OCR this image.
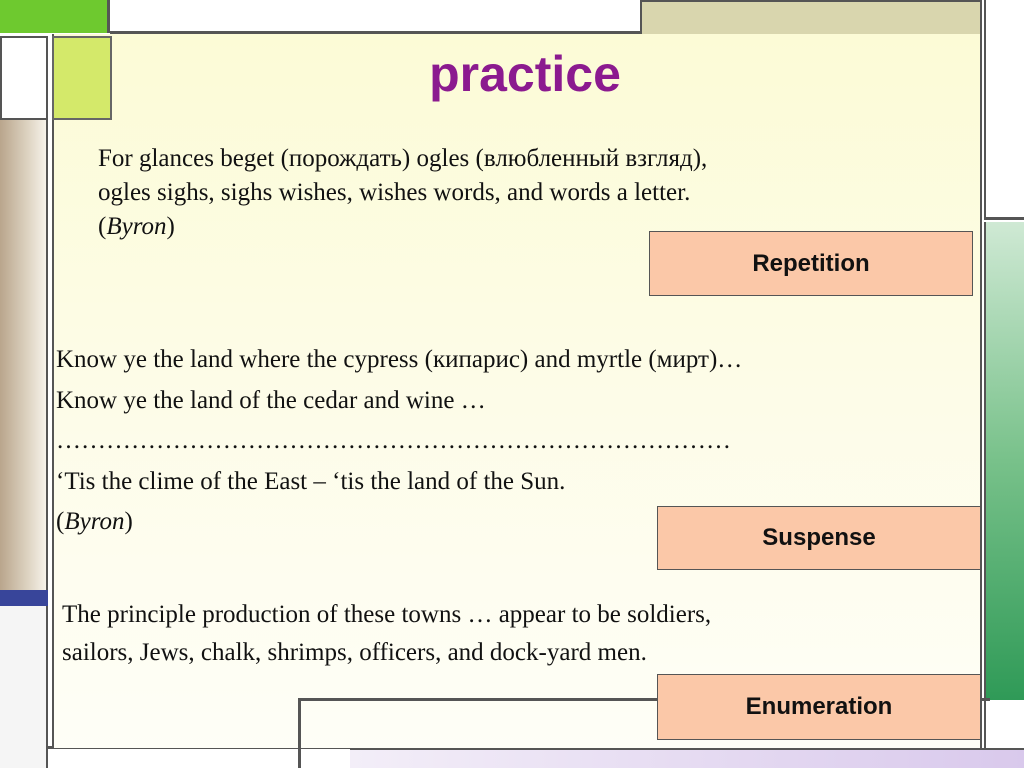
practice
For glances beget (порождать) ogles (влюбленный взгляд),
ogles sighs, sighs wishes, wishes words, and words a letter.
(Byron)
Repetition
Know ye the land where the cypress (кипарис) and myrtle (мирт)…
Know ye the land of the cedar and wine …
………………………………………………………………………
‘Tis the clime of the East – ‘tis the land of the Sun.
(Byron)
Suspense
The principle production of these towns … appear to be soldiers,
sailors, Jews, chalk, shrimps, officers, and dock-yard men.
Enumeration
